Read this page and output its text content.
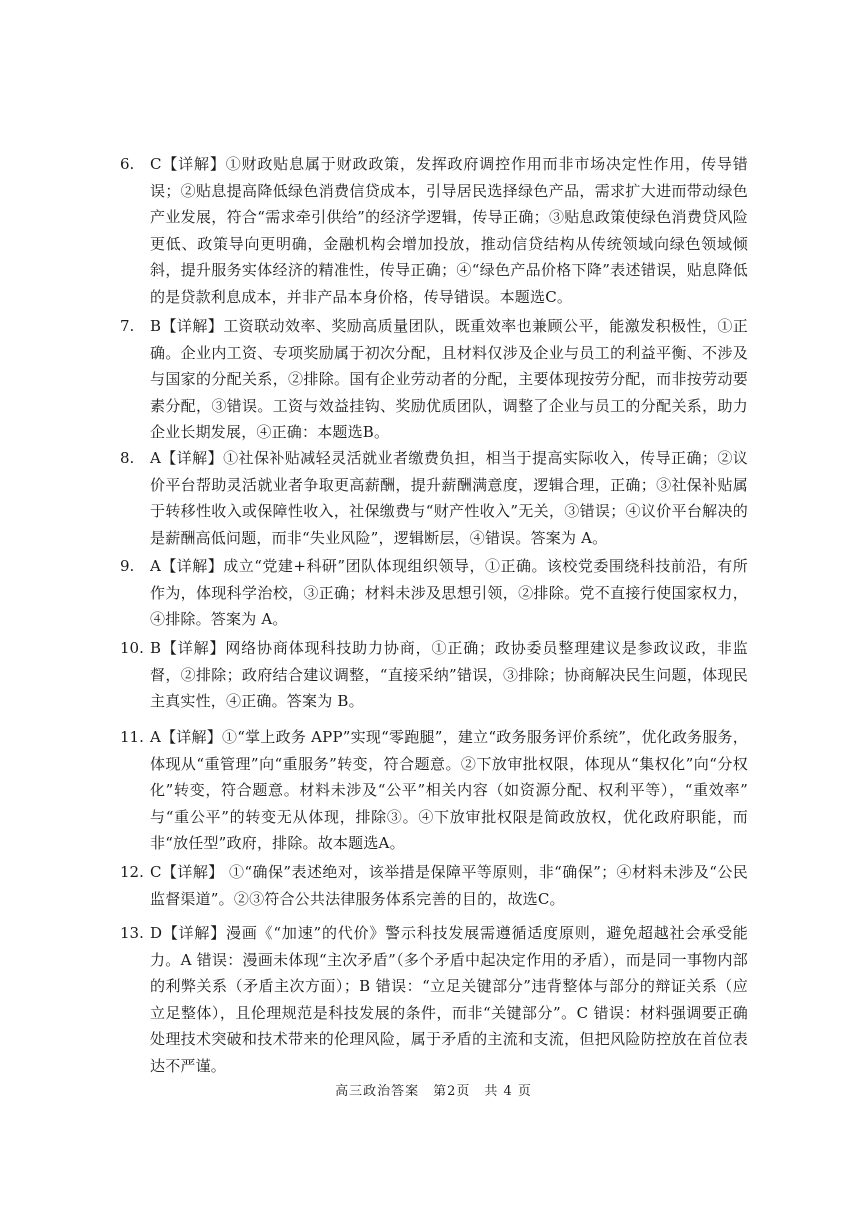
6. C【详解】①财政贴息属于财政政策，发挥政府调控作用而非市场决定性作用，传导错误；②贴息提高降低绿色消费信贷成本，引导居民选择绿色产品，需求扩大进而带动绿色产业发展，符合“需求牵引供给”的经济学逻辑，传导正确；③贴息政策使绿色消费贷风险更低、政策导向更明确，金融机构会增加投放，推动信贷结构从传统领域向绿色领域倾斜，提升服务实体经济的精准性，传导正确；④“绿色产品价格下降”表述错误，贴息降低的是贷款利息成本，并非产品本身价格，传导错误。本题选C。
7. B【详解】工资联动效率、奖励高质量团队，既重效率也兼顾公平，能激发积极性，①正确。企业内工资、专项奖励属于初次分配，且材料仅涉及企业与员工的利益平衡、不涉及与国家的分配关系，②排除。国有企业劳动者的分配，主要体现按劳分配，而非按劳动要素分配，③错误。工资与效益挂钩、奖励优质团队，调整了企业与员工的分配关系，助力企业长期发展，④正确：本题选B。
8. A【详解】①社保补贴减轻灵活就业者缴费负担，相当于提高实际收入，传导正确；②议价平台帮助灵活就业者争取更高薪酬，提升薪酬满意度，逻辑合理，正确；③社保补贴属于转移性收入或保障性收入，社保缴费与“财产性收入”无关，③错误；④议价平台解决的是薪酬高低问题，而非“失业风险”，逻辑断层，④错误。答案为 A。
9. A【详解】成立“党建+科研”团队体现组织领导，①正确。该校党委围绕科技前沿，有所作为，体现科学治校，③正确；材料未涉及思想引领，②排除。党不直接行使国家权力，④排除。答案为 A。
10. B【详解】网络协商体现科技助力协商，①正确；政协委员整理建议是参政议政，非监督，②排除；政府结合建议调整，“直接采纳”错误，③排除；协商解决民生问题，体现民主真实性，④正确。答案为 B。
11. A【详解】①“掌上政务 APP”实现“零跑腿”，建立“政务服务评价系统”，优化政务服务，体现从“重管理”向“重服务”转变，符合题意。②下放审批权限，体现从“集权化”向“分权化”转变，符合题意。材料未涉及“公平”相关内容（如资源分配、权利平等），“重效率” 与“重公平”的转变无从体现，排除③。④下放审批权限是简政放权，优化政府职能，而非“放任型”政府，排除。故本题选A。
12. C【详解】 ①“确保”表述绝对，该举措是保障平等原则，非“确保”；④材料未涉及“公民监督渠道”。②③符合公共法律服务体系完善的目的，故选C。
13. D【详解】漫画《“加速”的代价》警示科技发展需遵循适度原则，避免超越社会承受能力。A 错误：漫画未体现“主次矛盾”（多个矛盾中起决定作用的矛盾），而是同一事物内部的利弊关系（矛盾主次方面）；B 错误：“立足关键部分”违背整体与部分的辩证关系（应立足整体），且伦理规范是科技发展的条件，而非“关键部分”。C 错误：材料强调要正确处理技术突破和技术带来的伦理风险，属于矛盾的主流和支流，但把风险防控放在首位表达不严谨。
高三政治答案　第2页　共 4 页
